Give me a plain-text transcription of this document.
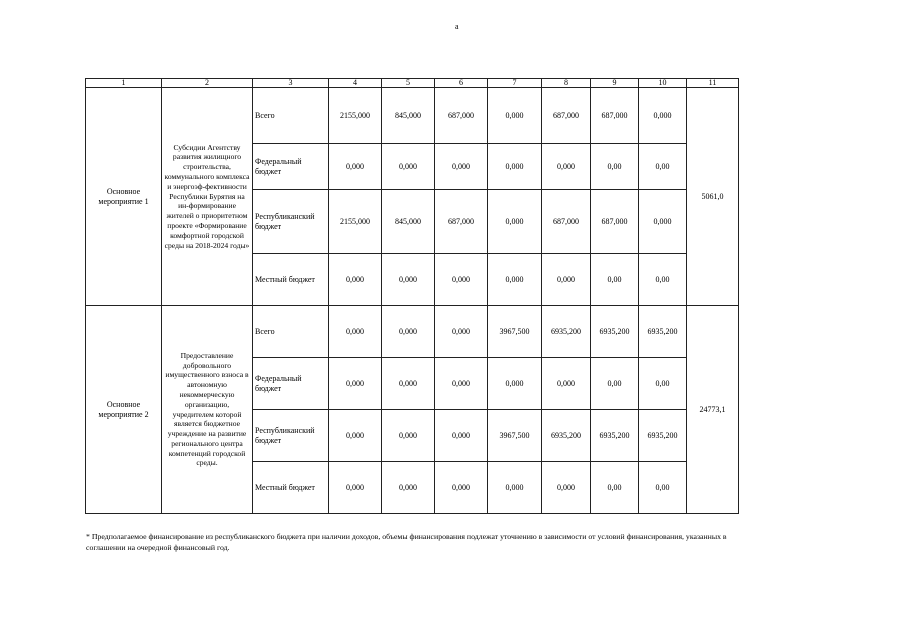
а
1	2	3	4	5	6	7	8	9	10	11
Основное мероприятие 1	Субсидии Агентству развития жилищного строительства, коммунального комплекса и энергоэф-фективности Республики Бурятия на ин-формирование жителей о приоритетном проекте «Формирование комфортной городской среды на 2018-2024 годы»	Всего	2155,000	845,000	687,000	0,000	687,000	687,000	0,000	5061,0
		Федеральный бюджет	0,000	0,000	0,000	0,000	0,000	0,00	0,00	
		Республиканский бюджет	2155,000	845,000	687,000	0,000	687,000	687,000	0,000	
		Местный бюджет	0,000	0,000	0,000	0,000	0,000	0,00	0,00	
Основное мероприятие 2	Предоставление добровольного имущественного взноса в автономную некоммерческую организацию, учредителем которой является бюджетное учреждение на развитие регионального центра компетенций городской среды.	Всего	0,000	0,000	0,000	3967,500	6935,200	6935,200	6935,200	24773,1
		Федеральный бюджет	0,000	0,000	0,000	0,000	0,000	0,00	0,00	
		Республиканский бюджет	0,000	0,000	0,000	3967,500	6935,200	6935,200	6935,200	
		Местный бюджет	0,000	0,000	0,000	0,000	0,000	0,00	0,00	
* Предполагаемое финансирование из республиканского бюджета при наличии доходов, объемы финансирования подлежат уточнению в зависимости от условий финансирования, указанных в соглашении на очередной финансовый год.
